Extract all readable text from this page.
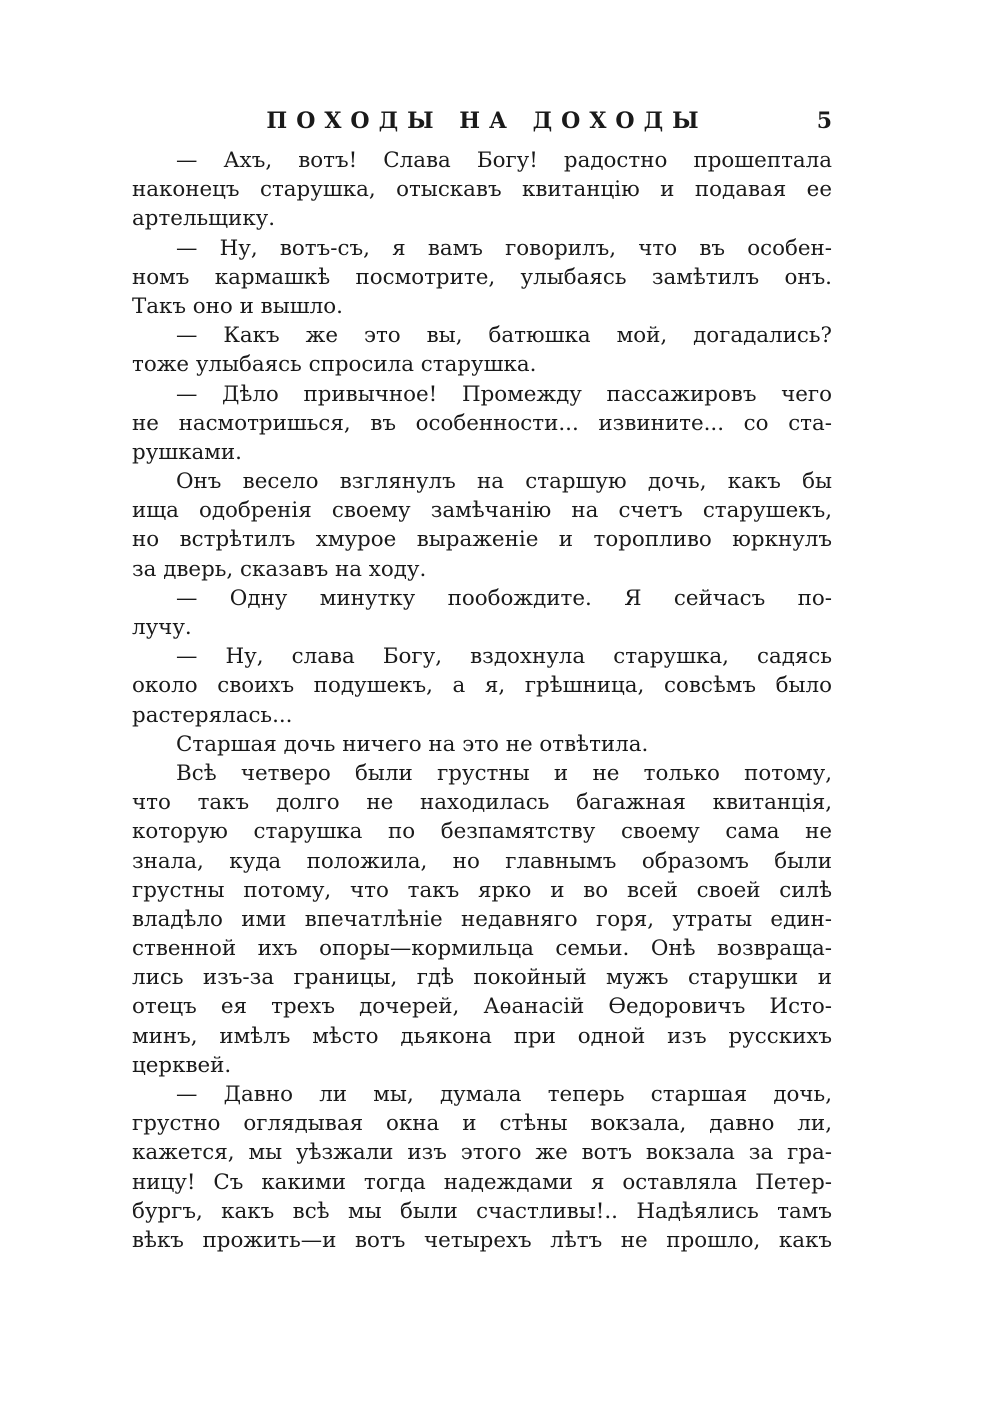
ПОХОДЫ НА ДОХОДЫ	5
— Ахъ, вотъ! Слава Богу! радостно прошептала
наконецъ старушка, отыскавъ квитанцію и подавая ее
артельщику.
— Ну, вотъ-съ, я вамъ говорилъ, что въ особен-
номъ кармашкѣ посмотрите, улыбаясь замѣтилъ онъ.
Такъ оно и вышло.
— Какъ же это вы, батюшка мой, догадались?
тоже улыбаясь спросила старушка.
— Дѣло привычное! Промежду пассажировъ чего
не насмотришься, въ особенности... извините... со ста-
рушками.
Онъ весело взглянулъ на старшую дочь, какъ бы
ища одобренія своему замѣчанію на счетъ старушекъ,
но встрѣтилъ хмурое выраженіе и торопливо юркнулъ
за дверь, сказавъ на ходу.
— Одну минутку пообождите. Я сейчасъ по-
лучу.
— Ну, слава Богу, вздохнула старушка, садясь
около своихъ подушекъ, а я, грѣшница, совсѣмъ было
растерялась...
Старшая дочь ничего на это не отвѣтила.
Всѣ четверо были грустны и не только потому,
что такъ долго не находилась багажная квитанція,
которую старушка по безпамятству своему сама не
знала, куда положила, но главнымъ образомъ были
грустны потому, что такъ ярко и во всей своей силѣ
владѣло ими впечатлѣніе недавняго горя, утраты един-
ственной ихъ опоры—кормильца семьи. Онѣ возвраща-
лись изъ-за границы, гдѣ покойный мужъ старушки и
отецъ ея трехъ дочерей, Аѳанасій Ѳедоровичъ Исто-
минъ, имѣлъ мѣсто дьякона при одной изъ русскихъ
церквей.
— Давно ли мы, думала теперь старшая дочь,
грустно оглядывая окна и стѣны вокзала, давно ли,
кажется, мы уѣзжали изъ этого же вотъ вокзала за гра-
ницу! Съ какими тогда надеждами я оставляла Петер-
бургъ, какъ всѣ мы были счастливы!.. Надѣялись тамъ
вѣкъ прожить—и вотъ четырехъ лѣтъ не прошло, какъ
